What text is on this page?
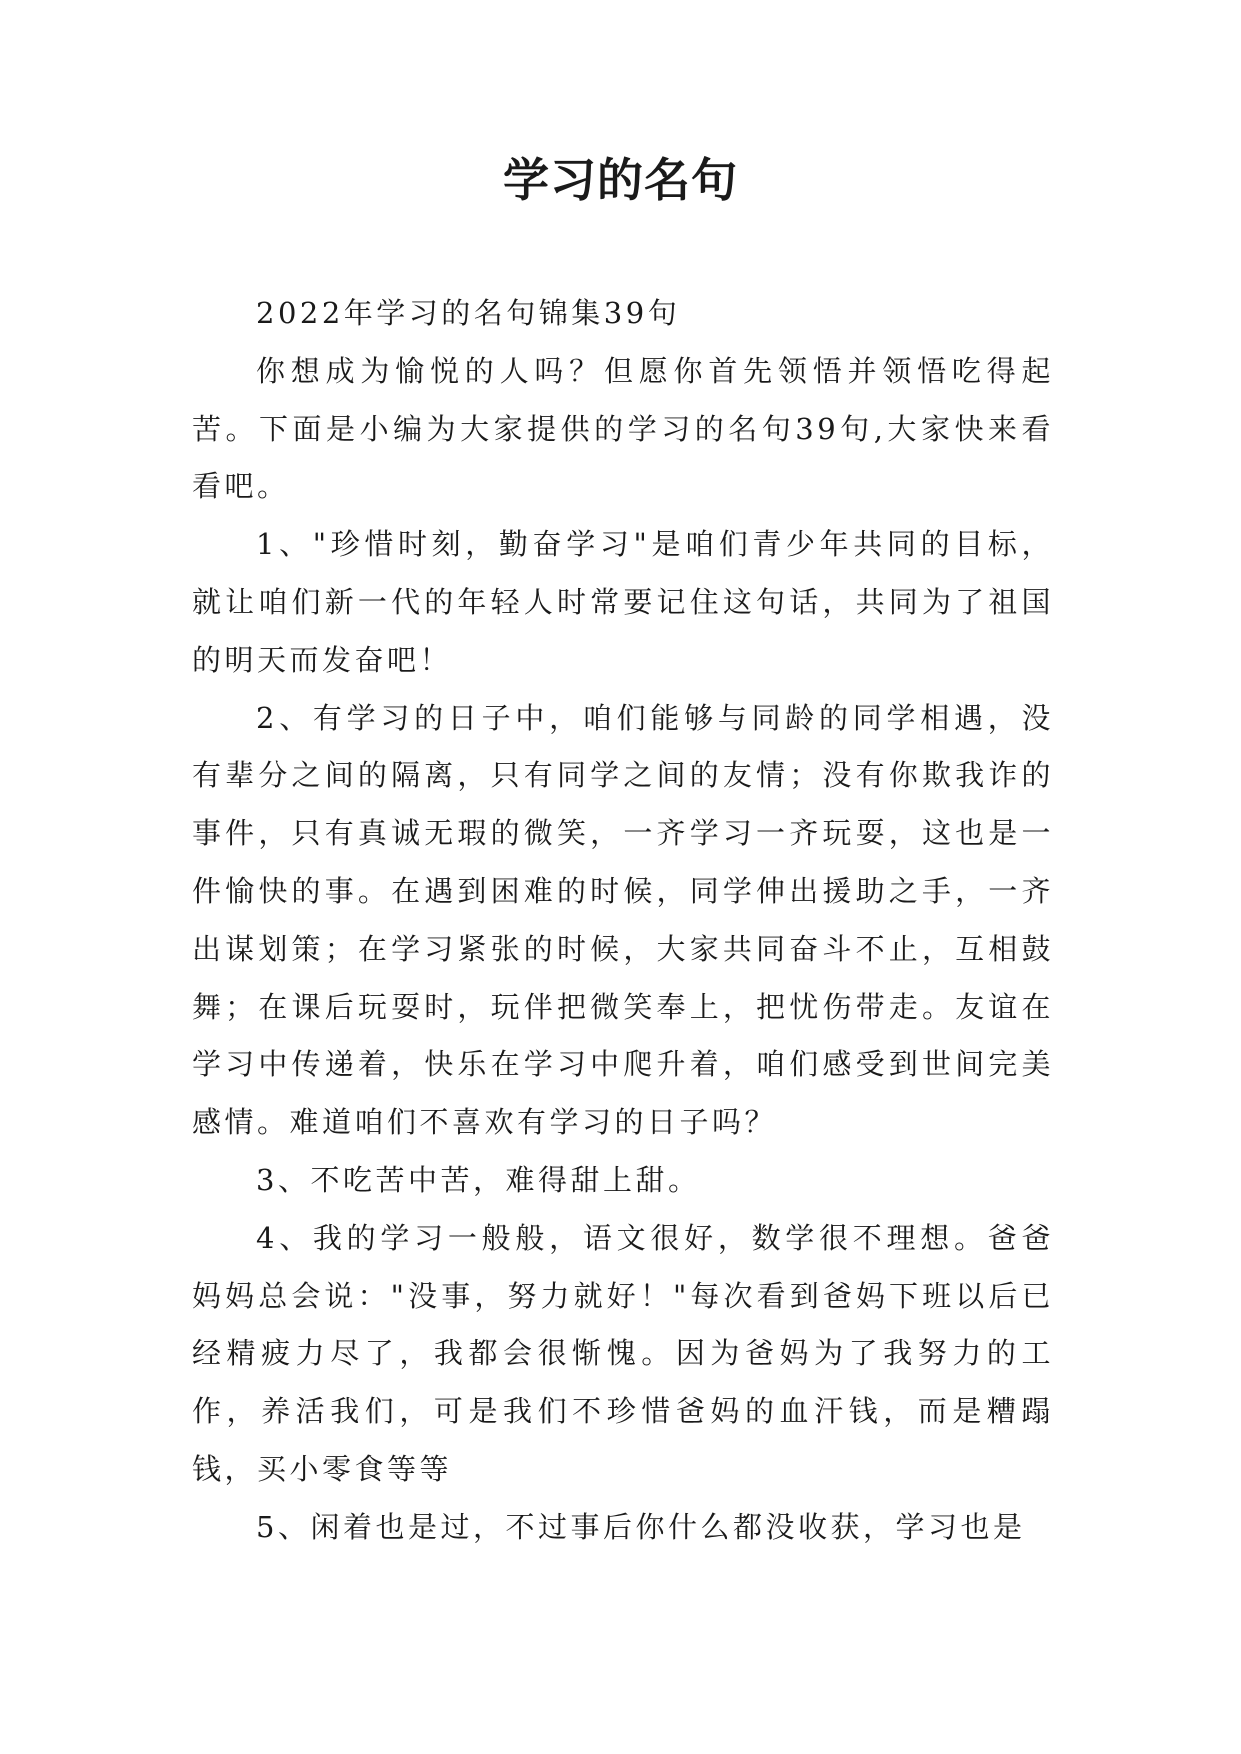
学习的名句

2022年学习的名句锦集39句

你想成为愉悦的人吗？但愿你首先领悟并领悟吃得起苦。下面是小编为大家提供的学习的名句39句,大家快来看看吧。

1、"珍惜时刻，勤奋学习"是咱们青少年共同的目标，就让咱们新一代的年轻人时常要记住这句话，共同为了祖国的明天而发奋吧！

2、有学习的日子中，咱们能够与同龄的同学相遇，没有辈分之间的隔离，只有同学之间的友情；没有你欺我诈的事件，只有真诚无瑕的微笑，一齐学习一齐玩耍，这也是一件愉快的事。在遇到困难的时候，同学伸出援助之手，一齐出谋划策；在学习紧张的时候，大家共同奋斗不止，互相鼓舞；在课后玩耍时，玩伴把微笑奉上，把忧伤带走。友谊在学习中传递着，快乐在学习中爬升着，咱们感受到世间完美感情。难道咱们不喜欢有学习的日子吗？

3、不吃苦中苦，难得甜上甜。

4、我的学习一般般，语文很好，数学很不理想。爸爸妈妈总会说："没事，努力就好！"每次看到爸妈下班以后已经精疲力尽了，我都会很惭愧。因为爸妈为了我努力的工作，养活我们，可是我们不珍惜爸妈的血汗钱，而是糟蹋钱，买小零食等等

5、闲着也是过，不过事后你什么都没收获，学习也是
